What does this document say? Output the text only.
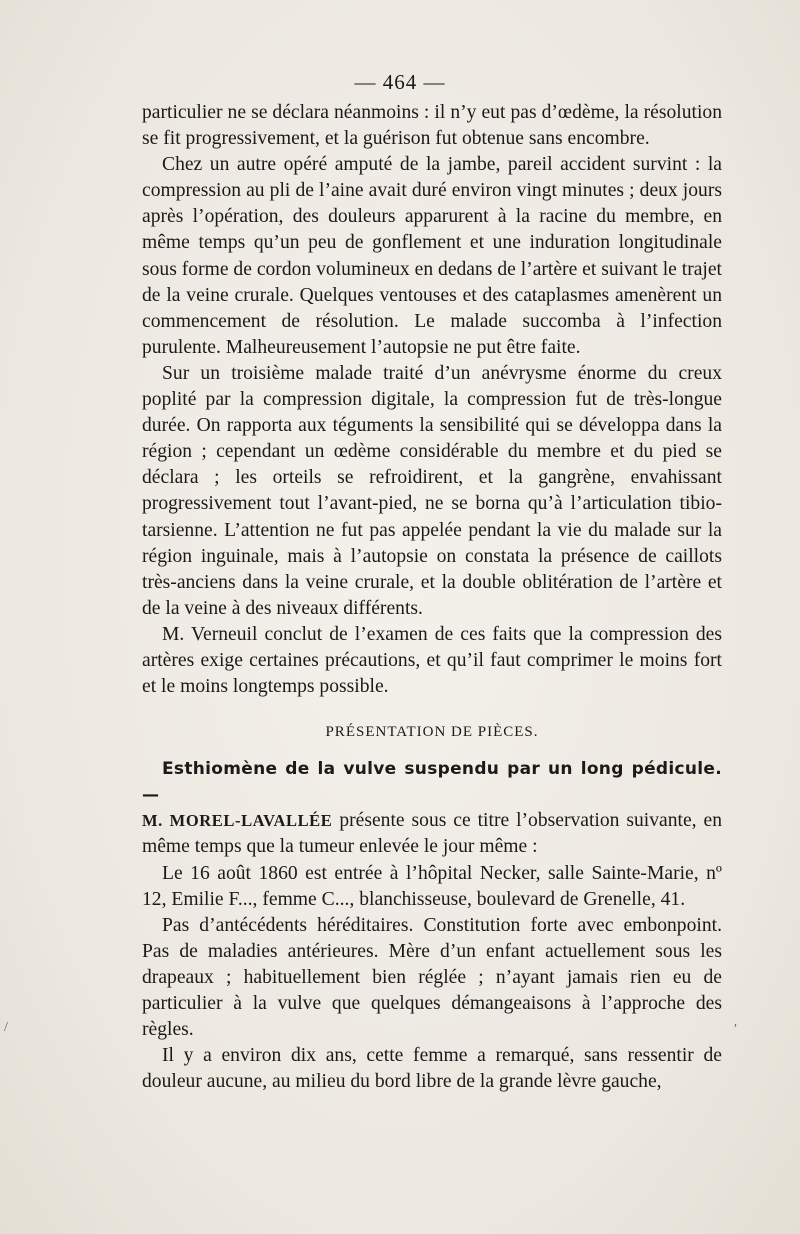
— 464 —

particulier ne se déclara néanmoins : il n’y eut pas d’œdème, la résolution se fit progressivement, et la guérison fut obtenue sans encombre.

Chez un autre opéré amputé de la jambe, pareil accident survint : la compression au pli de l’aine avait duré environ vingt minutes ; deux jours après l’opération, des douleurs apparurent à la racine du membre, en même temps qu’un peu de gonflement et une induration longitudinale sous forme de cordon volumineux en dedans de l’artère et suivant le trajet de la veine crurale. Quelques ventouses et des cataplasmes amenèrent un commencement de résolution. Le malade succomba à l’infection purulente. Malheureusement l’autopsie ne put être faite.

Sur un troisième malade traité d’un anévrysme énorme du creux poplité par la compression digitale, la compression fut de très-longue durée. On rapporta aux téguments la sensibilité qui se développa dans la région ; cependant un œdème considérable du membre et du pied se déclara ; les orteils se refroidirent, et la gangrène, envahissant progressivement tout l’avant-pied, ne se borna qu’à l’articulation tibio-tarsienne. L’attention ne fut pas appelée pendant la vie du malade sur la région inguinale, mais à l’autopsie on constata la présence de caillots très-anciens dans la veine crurale, et la double oblitération de l’artère et de la veine à des niveaux différents.

M. Verneuil conclut de l’examen de ces faits que la compression des artères exige certaines précautions, et qu’il faut comprimer le moins fort et le moins longtemps possible.

PRÉSENTATION DE PIÈCES.

Esthiomène de la vulve suspendu par un long pédicule. —
M. MOREL-LAVALLÉE présente sous ce titre l’observation suivante, en même temps que la tumeur enlevée le jour même :

Le 16 août 1860 est entrée à l’hôpital Necker, salle Sainte-Marie, nº 12, Emilie F..., femme C..., blanchisseuse, boulevard de Grenelle, 41.

Pas d’antécédents héréditaires. Constitution forte avec embonpoint. Pas de maladies antérieures. Mère d’un enfant actuellement sous les drapeaux ; habituellement bien réglée ; n’ayant jamais rien eu de particulier à la vulve que quelques démangeaisons à l’approche des règles.

Il y a environ dix ans, cette femme a remarqué, sans ressentir de douleur aucune, au milieu du bord libre de la grande lèvre gauche,

/	′
